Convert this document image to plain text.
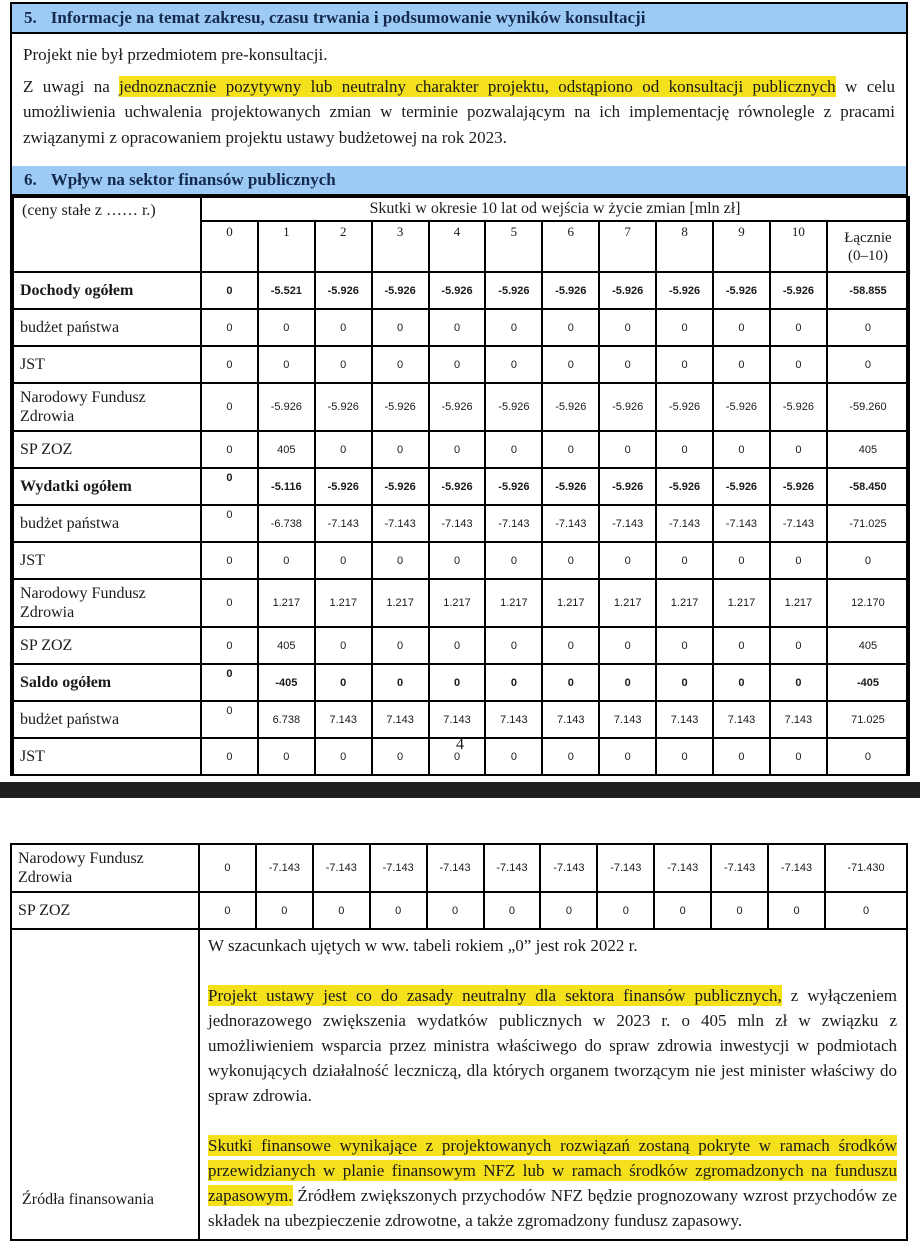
5. Informacje na temat zakresu, czasu trwania i podsumowanie wyników konsultacji

Projekt nie był przedmiotem pre-konsultacji.

Z uwagi na jednoznacznie pozytywny lub neutralny charakter projektu, odstąpiono od konsultacji publicznych w celu umożliwienia uchwalenia projektowanych zmian w terminie pozwalającym na ich implementację równolegle z pracami związanymi z opracowaniem projektu ustawy budżetowej na rok 2023.

6. Wpływ na sektor finansów publicznych
(ceny stałe z …… r.)	Skutki w okresie 10 lat od wejścia w życie zmian [mln zł]											
	0	1	2	3	4	5	6	7	8	9	10	Łącznie
(0–10)

Dochody ogółem	0	-5.521	-5.926	-5.926	-5.926	-5.926	-5.926	-5.926	-5.926	-5.926	-5.926	-58.855
budżet państwa	0	0	0	0	0	0	0	0	0	0	0	0
JST	0	0	0	0	0	0	0	0	0	0	0	0
Narodowy Fundusz Zdrowia	0	-5.926	-5.926	-5.926	-5.926	-5.926	-5.926	-5.926	-5.926	-5.926	-5.926	-59.260
SP ZOZ	0	405	0	0	0	0	0	0	0	0	0	405
Wydatki ogółem	0	-5.116	-5.926	-5.926	-5.926	-5.926	-5.926	-5.926	-5.926	-5.926	-5.926	-58.450
budżet państwa	0	-6.738	-7.143	-7.143	-7.143	-7.143	-7.143	-7.143	-7.143	-7.143	-7.143	-71.025
JST	0	0	0	0	0	0	0	0	0	0	0	0
Narodowy Fundusz Zdrowia	0	1.217	1.217	1.217	1.217	1.217	1.217	1.217	1.217	1.217	1.217	12.170
SP ZOZ	0	405	0	0	0	0	0	0	0	0	0	405
Saldo ogółem	0	-405	0	0	0	0	0	0	0	0	0	-405
budżet państwa	0	6.738	7.143	7.143	7.143	7.143	7.143	7.143	7.143	7.143	7.143	71.025
JST	0	0	0	0	0	0	0	0	0	0	0	0
4
Narodowy Fundusz Zdrowia	0	-7.143	-7.143	-7.143	-7.143	-7.143	-7.143	-7.143	-7.143	-7.143	-7.143	-71.430
SP ZOZ	0	0	0	0	0	0	0	0	0	0	0	0
Źródła finansowania	W szacunkach ujętych w ww. tabeli rokiem „0” jest rok 2022 r.

Projekt ustawy jest co do zasady neutralny dla sektora finansów publicznych, z wyłączeniem jednorazowego zwiększenia wydatków publicznych w 2023 r. o 405 mln zł w związku z umożliwieniem wsparcia przez ministra właściwego do spraw zdrowia inwestycji w podmiotach wykonujących działalność leczniczą, dla których organem tworzącym nie jest minister właściwy do spraw zdrowia.

Skutki finansowe wynikające z projektowanych rozwiązań zostaną pokryte w ramach środków przewidzianych w planie finansowym NFZ lub w ramach środków zgromadzonych na funduszu zapasowym. Źródłem zwiększonych przychodów NFZ będzie prognozowany wzrost przychodów ze składek na ubezpieczenie zdrowotne, a także zgromadzony fundusz zapasowy.											
